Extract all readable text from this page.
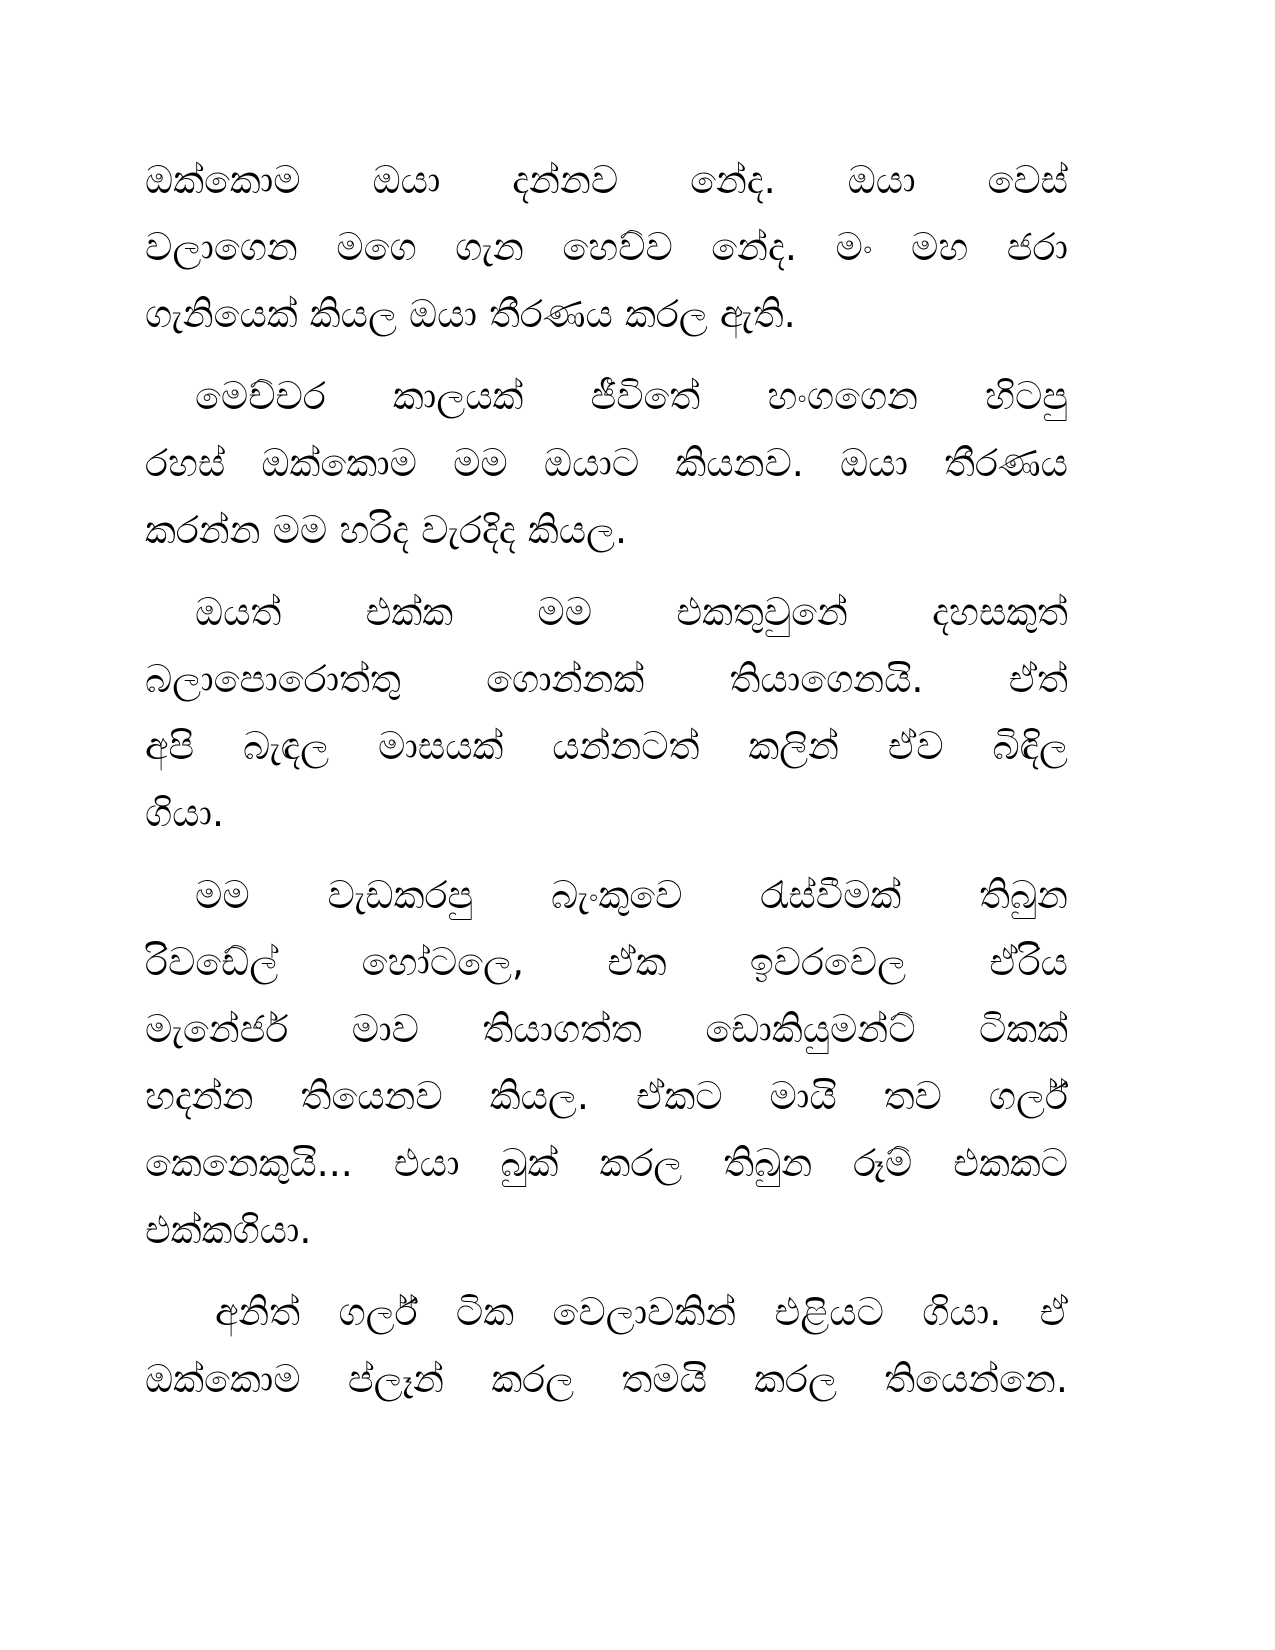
ඔක්කොම ඔයා දන්නව නේද. ඔයා වෙස්
වලාගෙන මගෙ ගැන හෙව්ව නේද. මං මහ ජරා
ගැනියෙක් කියල ඔයා තීරණය කරල ඇති.
මෙච්චර කාලයක් ජීවිතේ හංගගෙන හිටපු
රහස් ඔක්කොම මම ඔයාට කියනව. ඔයා තීරණය
කරන්න මම හරිද වැරදිද කියල.
ඔයත් එක්ක මම එකතුවුනේ දහසකුත්
බලාපොරොත්තු ගොන්නක් තියාගෙනයි. ඒත්
අපි බැඳල මාසයක් යන්නටත් කලින් ඒව බිඳිල
ගියා.
මම වැඩකරපු බැංකුවෙ රැස්වීමක් තිබුන
රිවඩේල් හෝටලෙ, ඒක ඉවරවෙල ඒරිය
මැනේජර් මාව තියාගත්ත ඩොකියුමන්ට් ටිකක්
හදන්න තියෙනව කියල. ඒකට මායි තව ගර්ල්
කෙනෙකුයි... එයා බුක් කරල තිබුන රූම් එකකට
එක්කගියා.
අනිත් ගර්ල් ටික වෙලාවකින් එළියට ගියා. ඒ
ඔක්කොම ප්ලෑන් කරල තමයි කරල තියෙන්නෙ.
